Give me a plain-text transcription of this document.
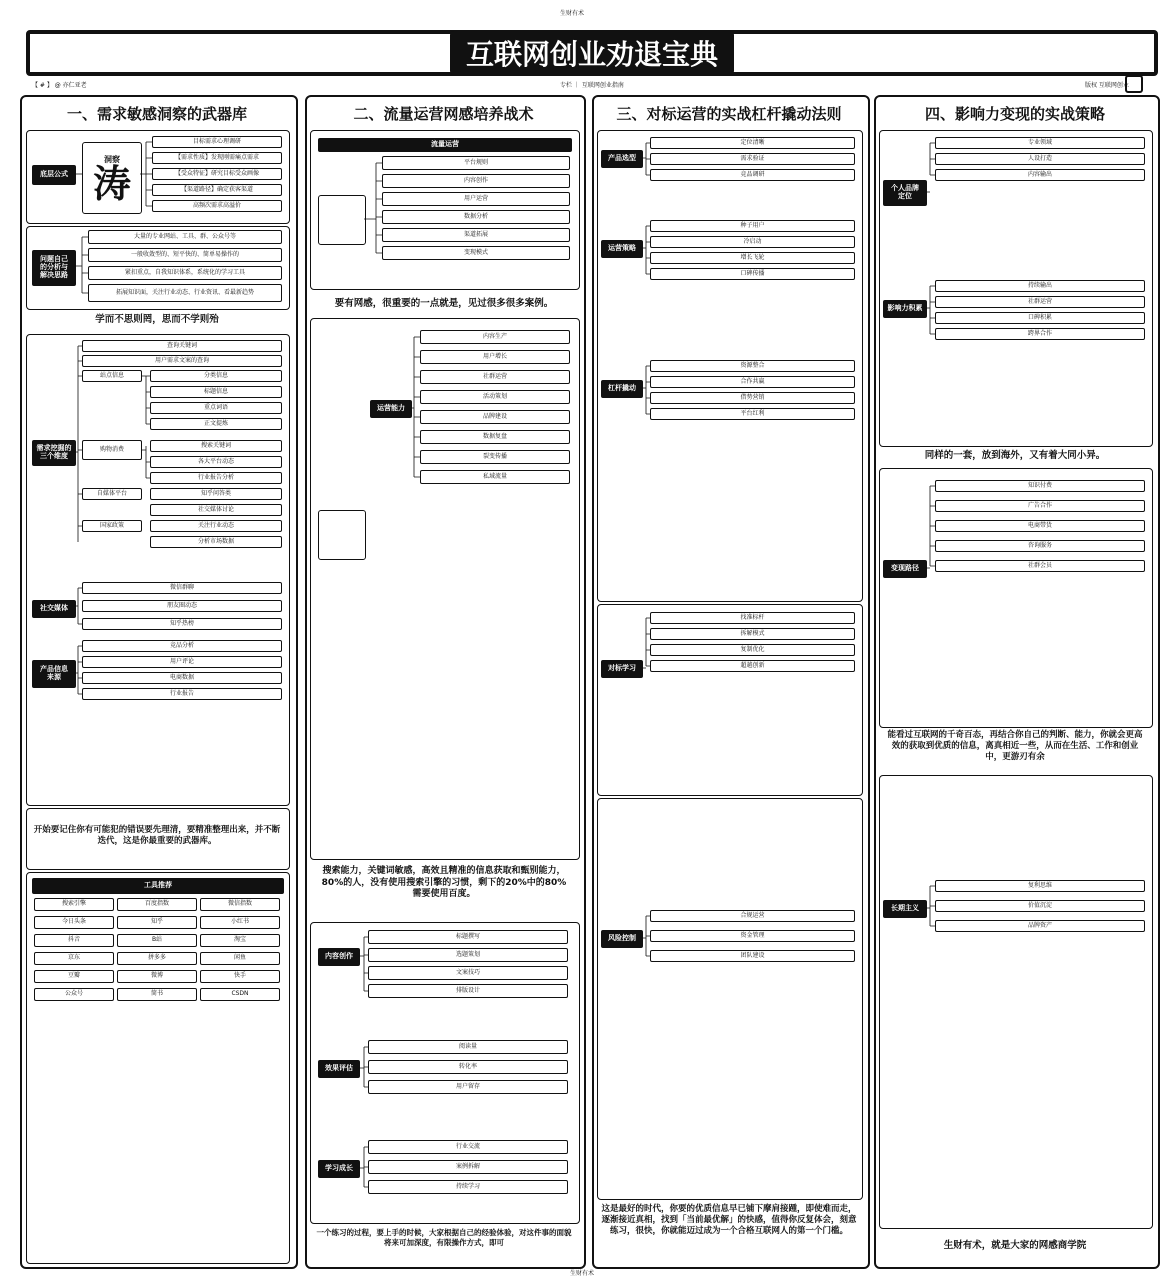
生财有术
生财有术
互联网创业劝退宝典
【 # 】 @ 亦仁亚老	专栏 ｜ 互联网创业指南	版权 互联网创业
一、需求敏感洞察的武器库	二、流量运营网感培养战术	三、对标运营的实战杠杆撬动法则	四、影响力变现的实战策略
底层公式
洞察
涛
目标需求心理调研
【需求性质】发现刚需痛点需求
【受众特征】研究目标受众画像
【渠道路径】确定获客渠道
高频次需求高溢价
问题自己
的分析与
解决思路
大量的专业网站、工具、群、公众号等
一般收敛型的、短平快的、简单易操作的
紧扣重点，自我知识体系，系统化的学习工具
拓展知识面，关注行业动态、行业资讯、看最新趋势
学而不思则罔，思而不学则殆
需求挖掘的
三个维度
查询关键词
用户需求文案的查询
站点信息	分类信息
标题信息
重点词语
正文提炼
购物消费
搜索关键词
各大平台动态
行业报告分析
自媒体平台	知乎问答类
社交媒体讨论
国家政策	关注行业动态
分析市场数据
社交媒体
微信群聊
朋友圈动态
知乎热榜
产品信息
来源
竞品分析
用户评论
电商数据
行业报告
开始要记住你有可能犯的错误要先理清，要精准整理出来，并不断迭代，这是你最重要的武器库。
工具推荐
流量运营
平台规则
内容创作
用户运营
数据分析
渠道拓展
变现模式
要有网感，很重要的一点就是，见过很多很多案例。
运营能力
内容生产
用户增长
社群运营
活动策划
品牌建设
数据复盘
裂变传播
私域流量
搜索能力，关键词敏感，高效且精准的信息获取和甄别能力，80%的人，没有使用搜索引擎的习惯，剩下的20%中的80%需要使用百度。
内容创作
标题撰写
选题策划
文案技巧
排版设计
效果评估
阅读量
转化率
用户留存
学习成长
行业交流
案例拆解
持续学习
一个练习的过程，要上手的时候，大家根据自己的经验体验，对这件事的面貌将来可加深度，有限操作方式，即可
产品选型
定位清晰
需求验证
竞品调研
运营策略
种子用户
冷启动
增长飞轮
口碑传播
杠杆撬动
资源整合
合作共赢
借势营销
平台红利
对标学习
找准标杆
拆解模式
复制优化
超越创新
风险控制
合规运营
资金管理
团队建设
这是最好的时代，你要的优质信息早已铺下摩肩接踵，即使难而走，逐渐接近真相，找到「当前最优解」的快感，值得你反复体会，刻意练习，很快，你就能迈过成为一个合格互联网人的第一个门槛。
个人品牌
定位
专业领域
人设打造
内容输出
影响力积累
持续输出
社群运营
口碑积累
跨界合作
同样的一套，放到海外，又有着大同小异。
变现路径
知识付费
广告合作
电商带货
咨询服务
社群会员
能看过互联网的千奇百态，再结合你自己的判断、能力，你就会更高效的获取到优质的信息，离真相近一些，从而在生活、工作和创业中，更游刃有余
长期主义
复利思维
价值沉淀
品牌资产
生财有术，就是大家的网感商学院
搜索引擎	百度指数	微信指数
今日头条	知乎	小红书
抖音	B站	淘宝
京东	拼多多	闲鱼
豆瓣	微博	快手
公众号	简书	CSDN
